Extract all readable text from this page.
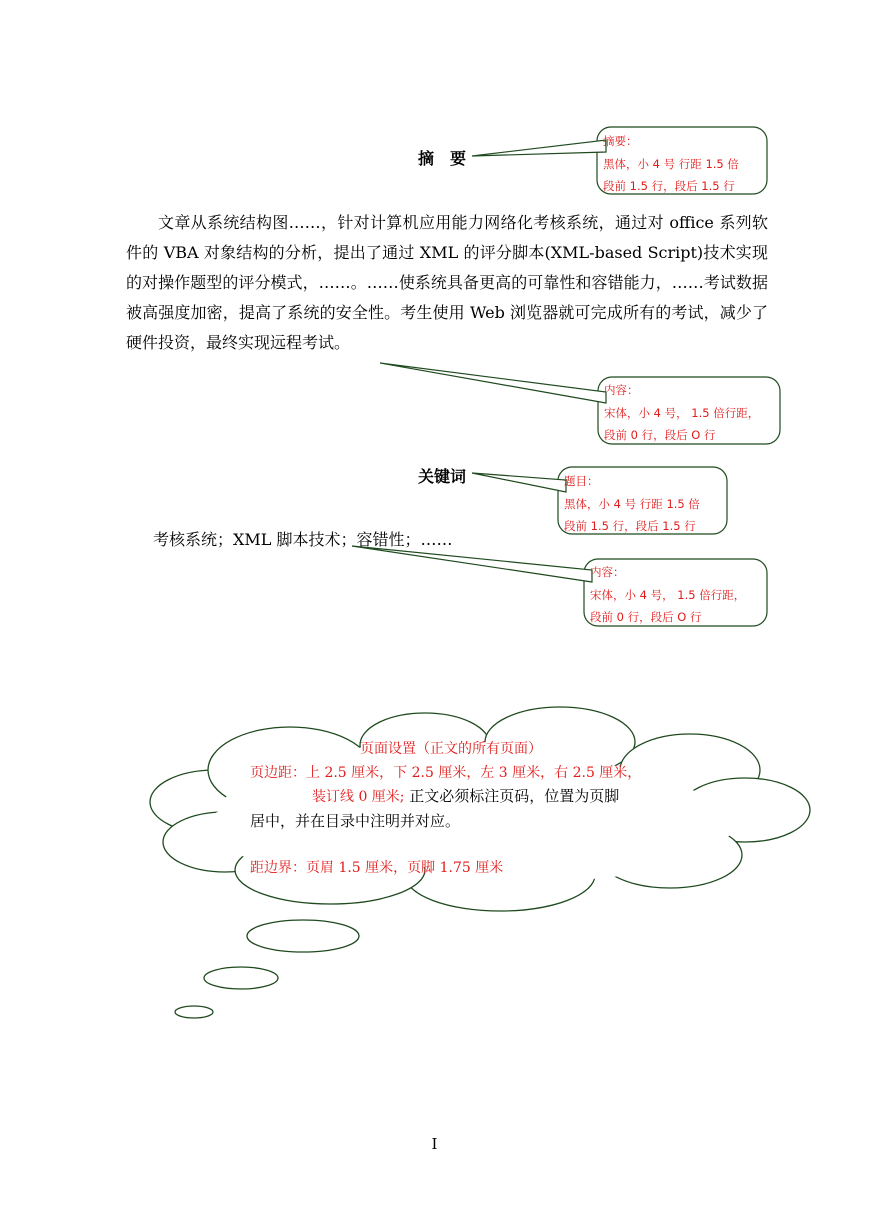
摘　要

文章从系统结构图……，针对计算机应用能力网络化考核系统，通过对 office 系列软件的 VBA 对象结构的分析，提出了通过 XML 的评分脚本(XML-based Script)技术实现的对操作题型的评分模式，……。……使系统具备更高的可靠性和容错能力，……考试数据被高强度加密，提高了系统的安全性。考生使用 Web 浏览器就可完成所有的考试，减少了硬件投资，最终实现远程考试。

关键词
考核系统；XML 脚本技术；容错性；……
摘要：
黑体，小 4 号 行距 1.5 倍
段前 1.5 行，段后 1.5 行
内容：
宋体，小 4 号， 1.5 倍行距，
段前 0 行，段后 O 行
题目：
黑体，小 4 号 行距 1.5 倍
段前 1.5 行，段后 1.5 行
内容：
宋体，小 4 号， 1.5 倍行距，
段前 0 行，段后 O 行
页面设置（正文的所有页面）
页边距：上 2.5 厘米，下 2.5 厘米，左 3 厘米，右 2.5 厘米，
装订线 0 厘米; 正文必须标注页码，位置为页脚居中，并在目录中注明并对应。
距边界：页眉 1.5 厘米，页脚 1.75 厘米
I
